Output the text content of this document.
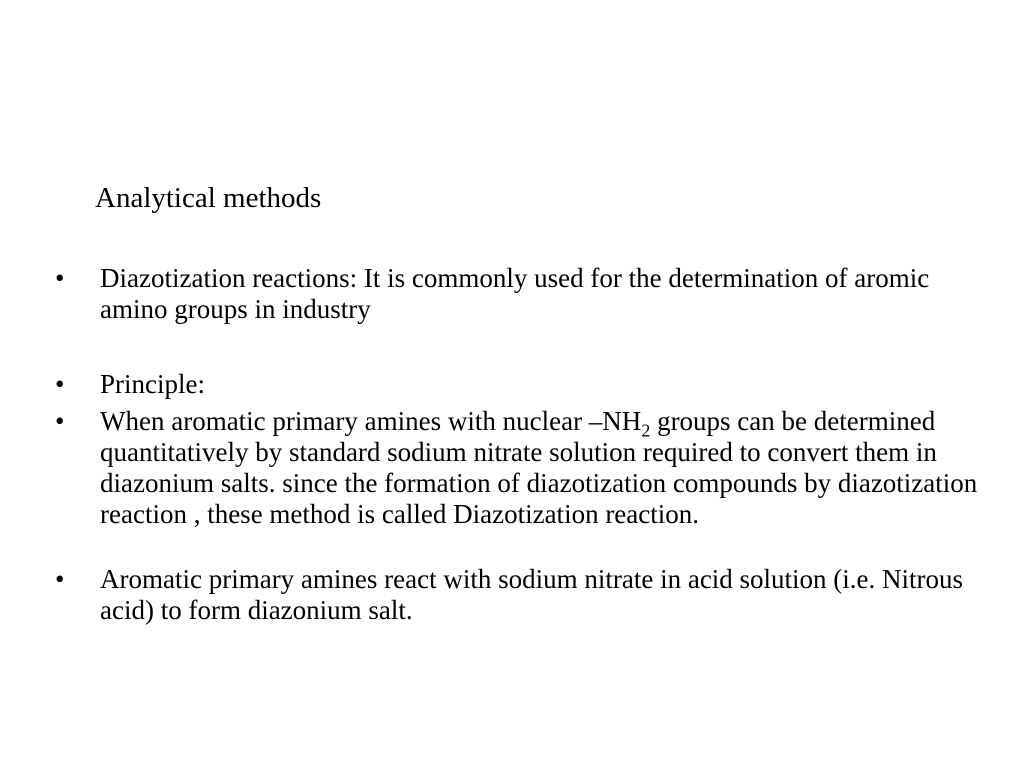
Analytical methods
•	Diazotization reactions: It is commonly used for the determination of aromic amino groups in industry
•	Principle:
•	When aromatic primary amines with nuclear $-NH_2$ groups can be determined quantitatively by standard sodium nitrate solution required to convert them in diazonium salts. since the formation of diazotization compounds by diazotization reaction , these method is called Diazotization reaction.
•	Aromatic primary amines react with sodium nitrate in acid solution (i.e. Nitrous acid) to form diazonium salt.
